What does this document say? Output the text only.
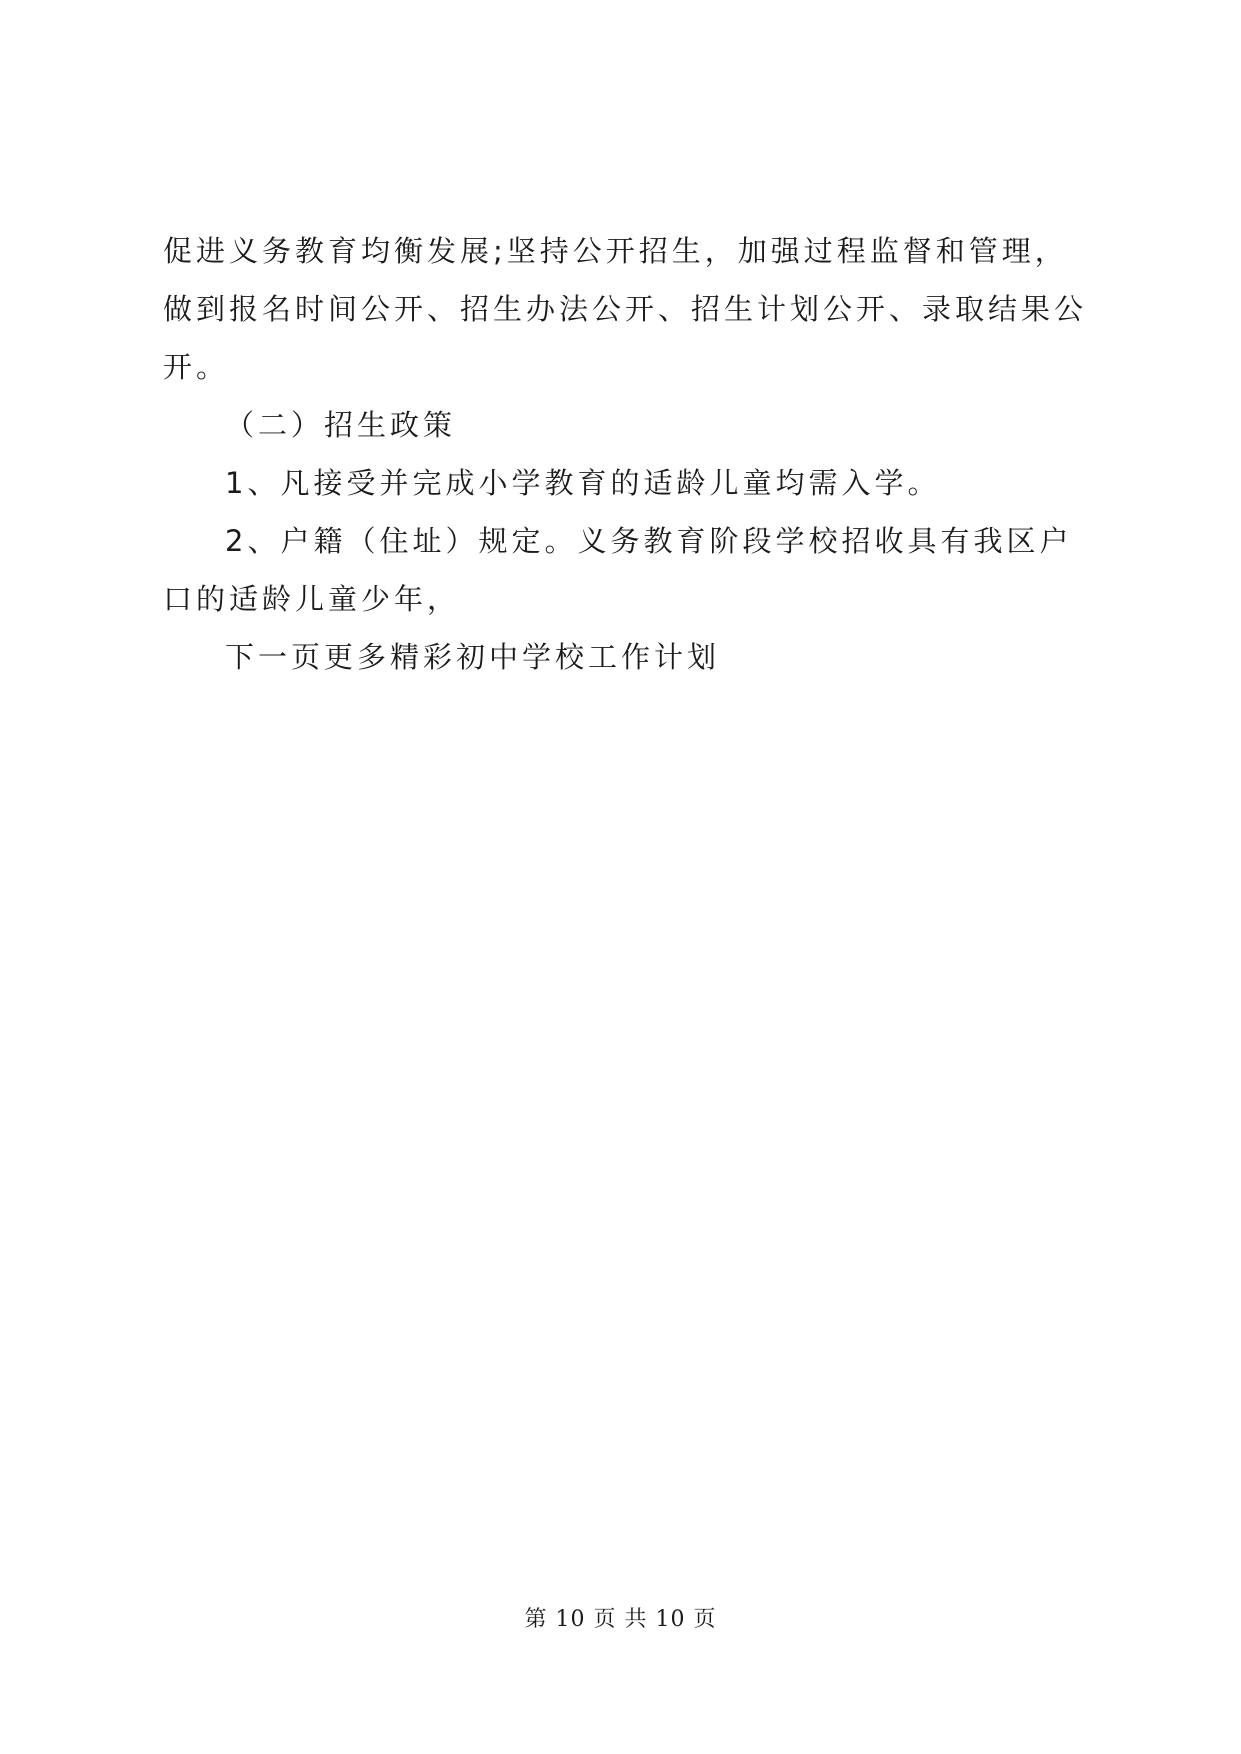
促进义务教育均衡发展;坚持公开招生，加强过程监督和管理，
做到报名时间公开、招生办法公开、招生计划公开、录取结果公
开。
（二）招生政策
1、凡接受并完成小学教育的适龄儿童均需入学。
2、户籍（住址）规定。义务教育阶段学校招收具有我区户
口的适龄儿童少年，
下一页更多精彩初中学校工作计划
第 10 页 共 10 页
